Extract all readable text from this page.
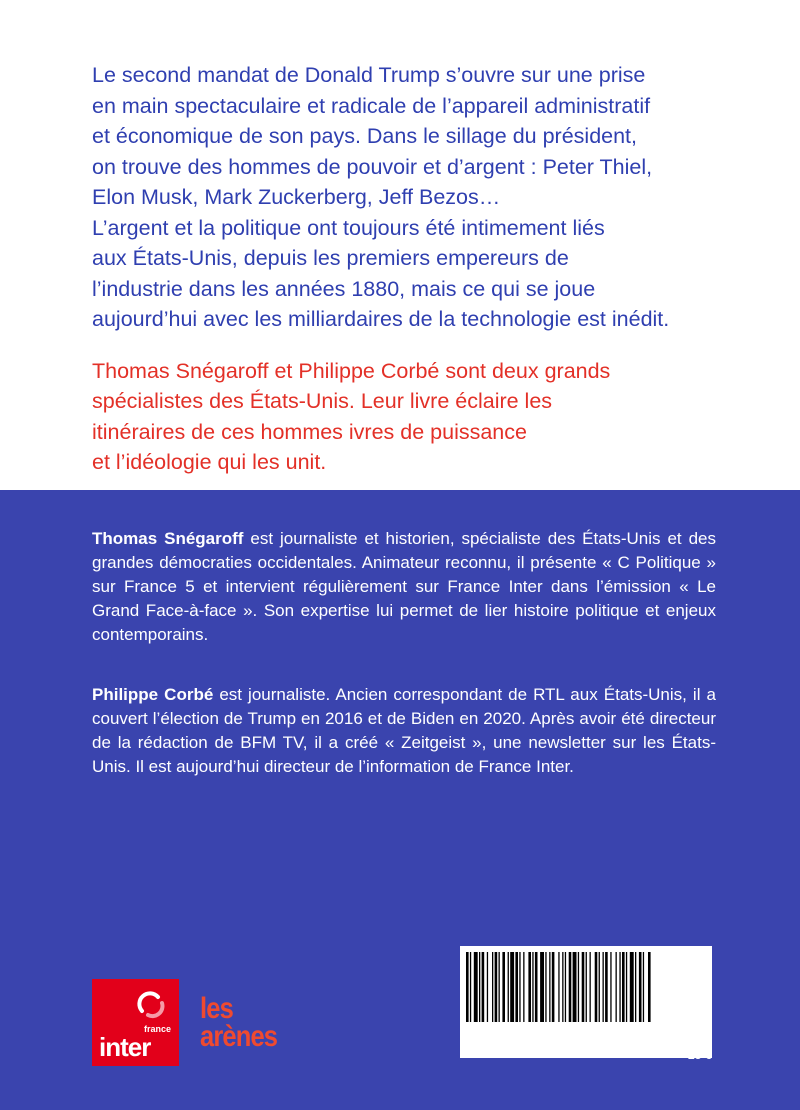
Le second mandat de Donald Trump s’ouvre sur une prise
en main spectaculaire et radicale de l’appareil administratif
et économique de son pays. Dans le sillage du président,
on trouve des hommes de pouvoir et d’argent : Peter Thiel,
Elon Musk, Mark Zuckerberg, Jeff Bezos…
L’argent et la politique ont toujours été intimement liés
aux États-Unis, depuis les premiers empereurs de
l’industrie dans les années 1880, mais ce qui se joue
aujourd’hui avec les milliardaires de la technologie est inédit.

Thomas Snégaroff et Philippe Corbé sont deux grands
spécialistes des États-Unis. Leur livre éclaire les
itinéraires de ces hommes ivres de puissance
et l’idéologie qui les unit.

Thomas Snégaroff est journaliste et historien, spécialiste des États-Unis et des grandes démocraties occidentales. Animateur reconnu, il présente « C Politique » sur France 5 et intervient régulièrement sur France Inter dans l’émission « Le Grand Face-à-face ». Son expertise lui permet de lier histoire politique et enjeux contemporains.

Philippe Corbé est journaliste. Ancien correspondant de RTL aux États-Unis, il a couvert l’élection de Trump en 2016 et de Biden en 2020. Après avoir été directeur de la rédaction de BFM TV, il a créé « Zeitgeist », une newsletter sur les États-Unis. Il est aujourd’hui directeur de l’information de France Inter.

france
inter
les
arènes	979-10-375-1420-2
15 €
